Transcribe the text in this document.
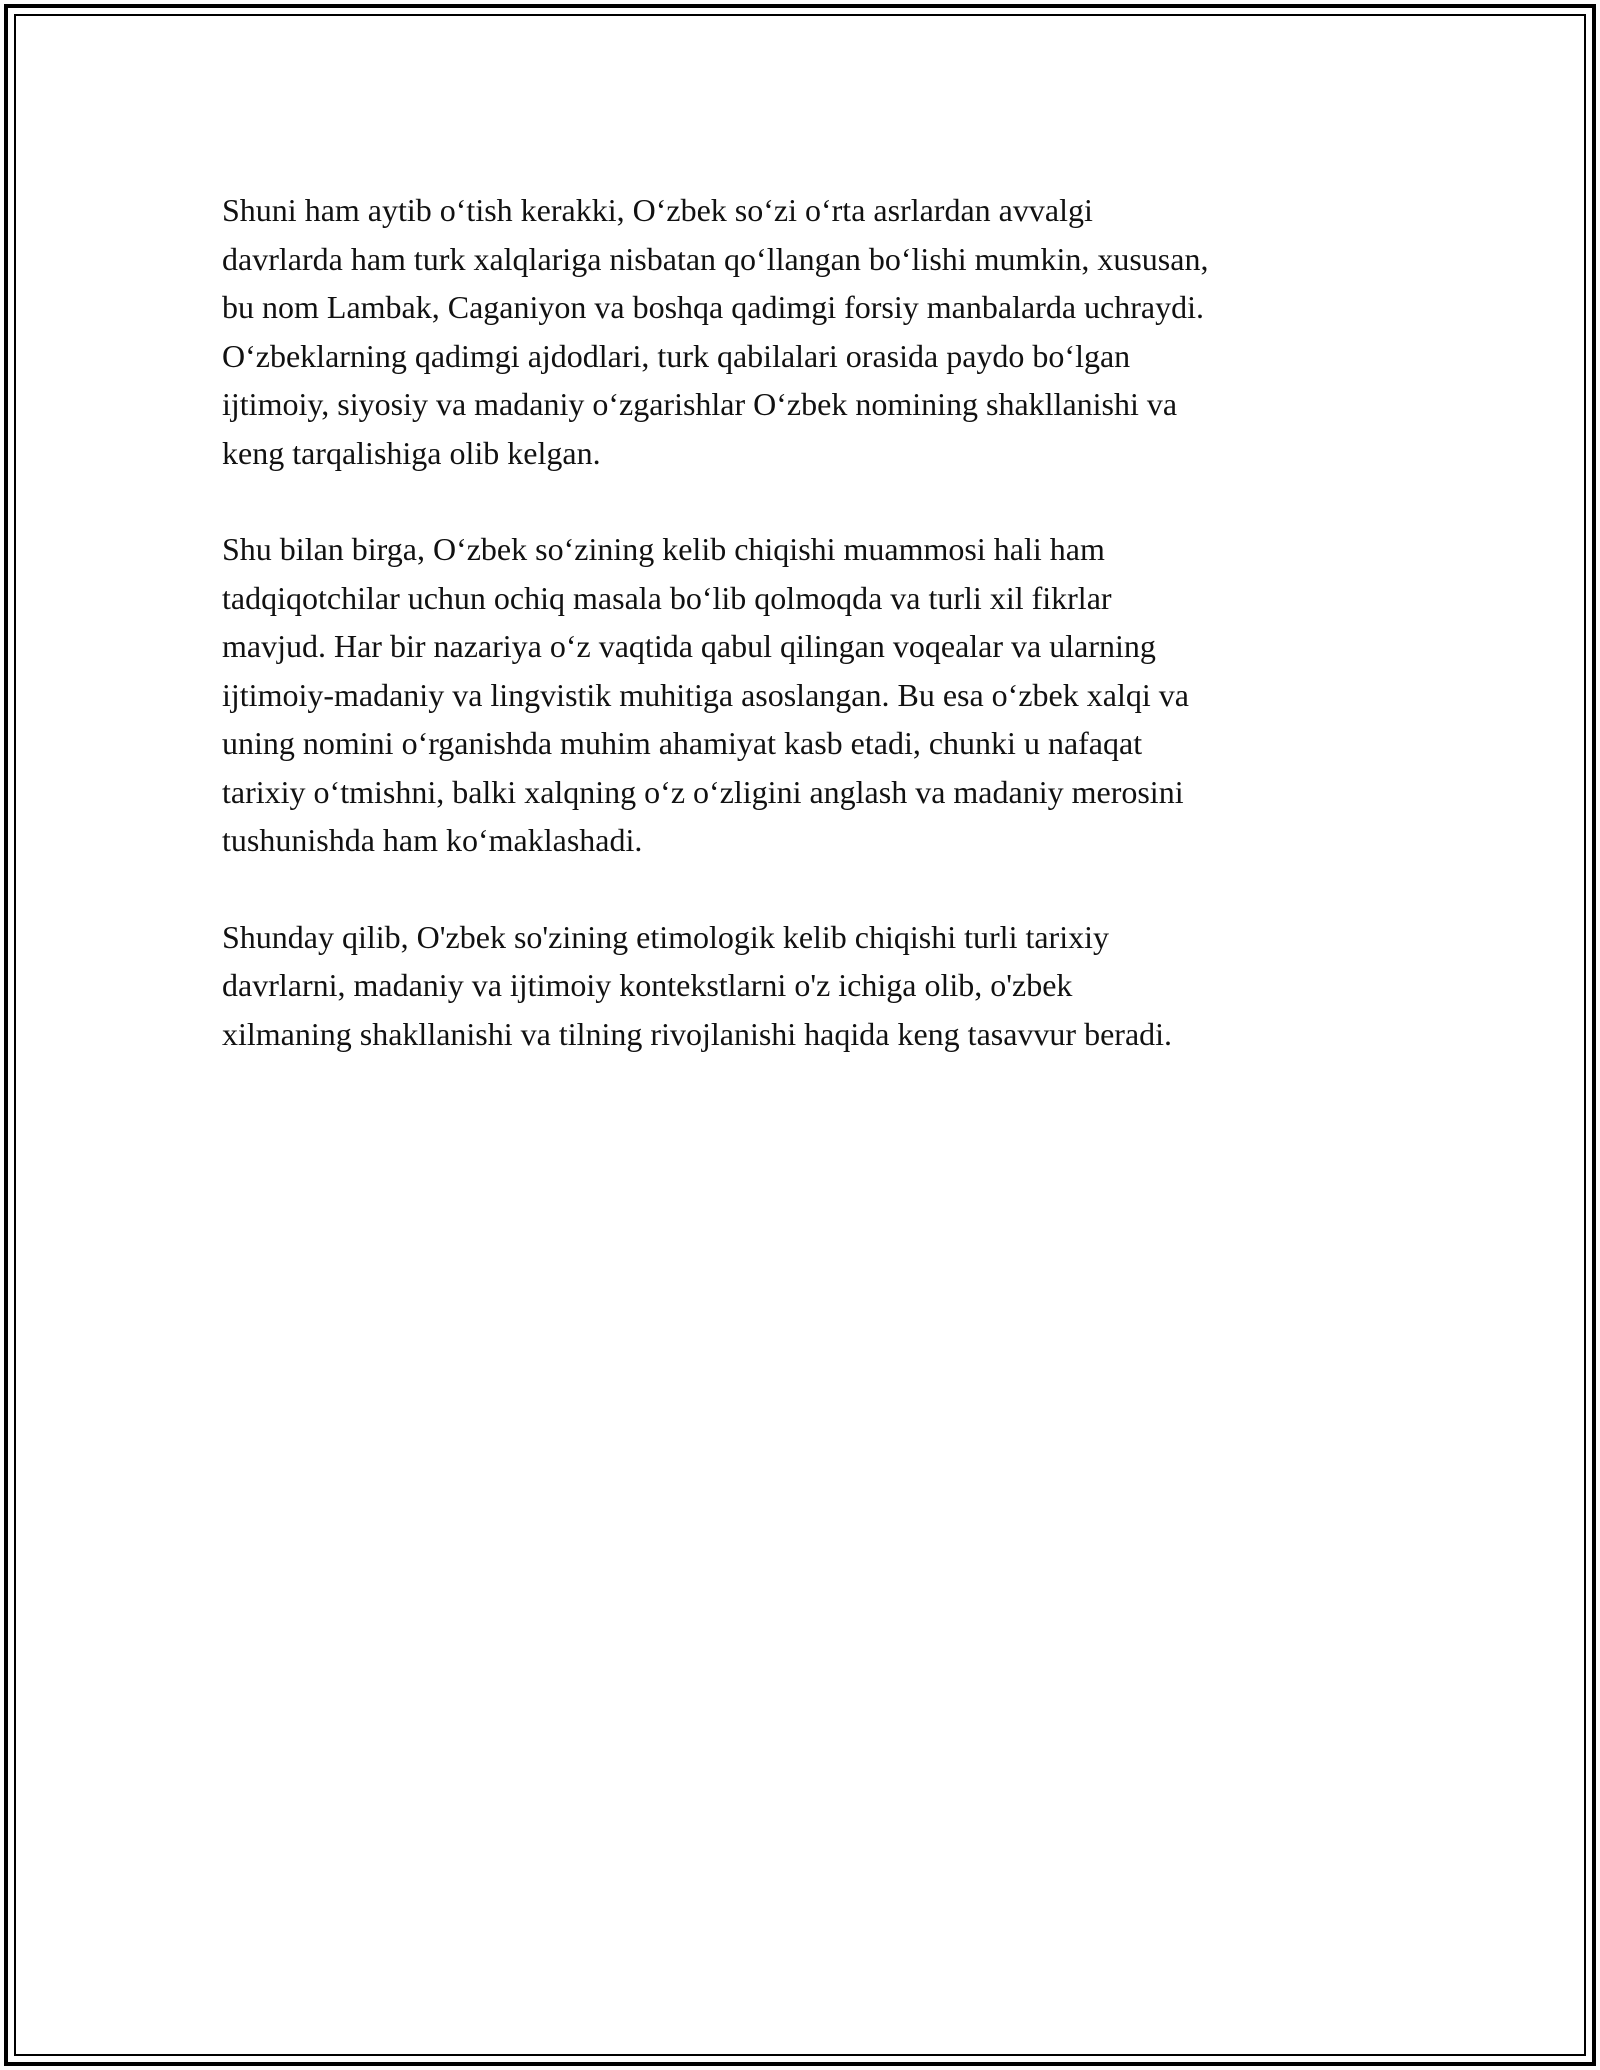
Shuni ham aytib o‘tish kerakki, O‘zbek so‘zi o‘rta asrlardan avvalgi
davrlarda ham turk xalqlariga nisbatan qo‘llangan bo‘lishi mumkin, xususan,
bu nom Lambak, Caganiyon va boshqa qadimgi forsiy manbalarda uchraydi.
O‘zbeklarning qadimgi ajdodlari, turk qabilalari orasida paydo bo‘lgan
ijtimoiy, siyosiy va madaniy o‘zgarishlar O‘zbek nomining shakllanishi va
keng tarqalishiga olib kelgan.

Shu bilan birga, O‘zbek so‘zining kelib chiqishi muammosi hali ham
tadqiqotchilar uchun ochiq masala bo‘lib qolmoqda va turli xil fikrlar
mavjud. Har bir nazariya o‘z vaqtida qabul qilingan voqealar va ularning
ijtimoiy-madaniy va lingvistik muhitiga asoslangan. Bu esa o‘zbek xalqi va
uning nomini o‘rganishda muhim ahamiyat kasb etadi, chunki u nafaqat
tarixiy o‘tmishni, balki xalqning o‘z o‘zligini anglash va madaniy merosini
tushunishda ham ko‘maklashadi.

Shunday qilib, O'zbek so'zining etimologik kelib chiqishi turli tarixiy
davrlarni, madaniy va ijtimoiy kontekstlarni o'z ichiga olib, o'zbek
xilmaning shakllanishi va tilning rivojlanishi haqida keng tasavvur beradi.
